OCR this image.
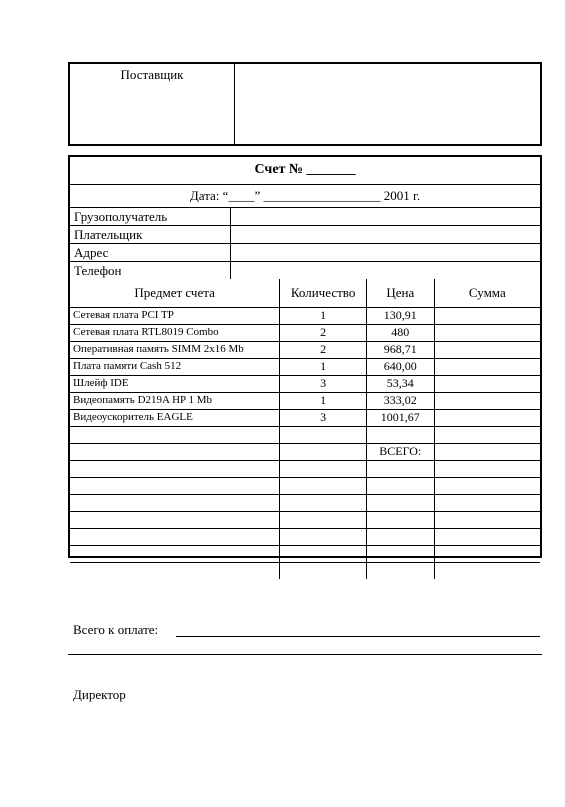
Поставщик
Счет № _______
Дата: “____” __________________ 2001 г.
Грузополучатель
Плательщик
Адрес
Телефон
Предмет счета	Количество	Цена	Сумма
Сетевая плата PCI TP	1	130,91	
Сетевая плата RTL8019 Combo	2	480	
Оперативная память SIMM 2x16 Mb	2	968,71	
Плата памяти Cash 512	1	640,00	
Шлейф IDE	3	53,34	
Видеопамять D219A HP 1 Mb	1	333,02	
Видеоускоритель EAGLE	3	1001,67	

		ВСЕГО:	

Всего к оплате:
Директор
